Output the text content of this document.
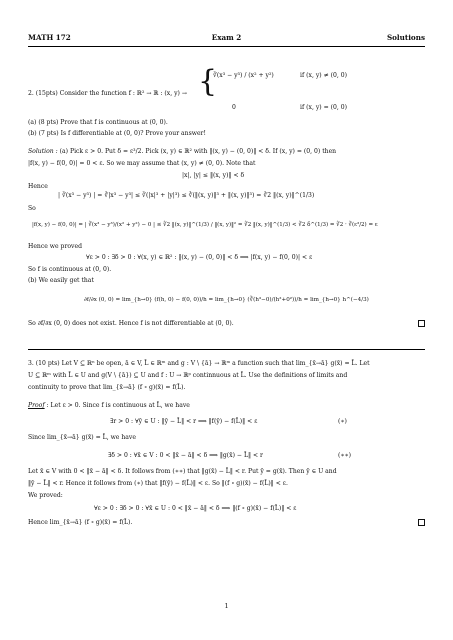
MATH 172	Exam 2	Solutions
2. (15pts) Consider the function f : ℝ² → ℝ : (x, y) → {
∛(x³ − y³) / (x² + y²)	if (x, y) ≠ (0, 0)
0	if (x, y) = (0, 0)
(a) (8 pts) Prove that f is continuous at (0, 0).
(b) (7 pts) Is f differentiable at (0, 0)? Prove your answer!
Solution : (a) Pick ε > 0. Put δ = ε³/2. Pick (x, y) ∈ ℝ² with ‖(x, y) − (0, 0)‖ < δ. If (x, y) = (0, 0) then
|f(x, y) − f(0, 0)| = 0 < ε. So we may assume that (x, y) ≠ (0, 0). Note that
|x|, |y| ≤ ‖(x, y)‖ < δ
Hence
| ∛(x³ − y³) | = ∛|x³ − y³| ≤ ∛(|x|³ + |y|³) ≤ ∛(‖(x, y)‖³ + ‖(x, y)‖³) = ∛2 ‖(x, y)‖^(1/3)
So
|f(x, y) − f(0, 0)| = | ∛(x³ − y³)/(x² + y²) − 0 | ≤ ∛2 ‖(x, y)‖^(1/3) / ‖(x, y)‖² = ∛2 ‖(x, y)‖^(1/3) < ∛2 δ^(1/3) = ∛2 · ∛(ε³/2) = ε
Hence we proved
∀ε > 0 : ∃δ > 0 : ∀(x, y) ∈ ℝ² : ‖(x, y) − (0, 0)‖ < δ ⟹ |f(x, y) − f(0, 0)| < ε
So f is continuous at (0, 0).
(b) We easily get that
∂f/∂x (0, 0) = lim_{h→0} (f(h, 0) − f(0, 0))/h = lim_{h→0} (∛(h³−0)/(h²+0²))/h = lim_{h→0} h^(−4/3)
So ∂f/∂x (0, 0) does not exist. Hence f is not differentiable at (0, 0).
3. (10 pts) Let V ⊆ ℝⁿ be open, ā ∈ V, L̄ ∈ ℝᵐ and g : V \ {ā} → ℝᵐ a function such that lim_{x̄→ā} g(x̄) = L̄. Let
U ⊆ ℝᵐ with L̄ ∈ U and g(V \ {ā}) ⊆ U and f : U → ℝᵖ continnuous at L̄. Use the definitions of limits and
continuity to prove that lim_{x̄→ā} (f ∘ g)(x̄) = f(L̄).
Proof : Let ε > 0. Since f is continuous at L̄, we have
∃r > 0 : ∀ȳ ∈ U : ‖ȳ − L̄‖ < r ⟹ ‖f(ȳ) − f(L̄)‖ < ε	(∗)
Since lim_{x̄→ā} g(x̄) = L̄, we have
∃δ > 0 : ∀x̄ ∈ V : 0 < ‖x̄ − ā‖ < δ ⟹ ‖g(x̄) − L̄‖ < r	(∗∗)
Let x̄ ∈ V with 0 < ‖x̄ − ā‖ < δ. It follows from (∗∗) that ‖g(x̄) − L̄‖ < r. Put ȳ = g(x̄). Then ȳ ∈ U and
‖ȳ − L̄‖ < r. Hence it follows from (∗) that ‖f(ȳ) − f(L̄)‖ < ε. So ‖(f ∘ g)(x̄) − f(L̄)‖ < ε.
We proved:
∀ε > 0 : ∃δ > 0 : ∀x̄ ∈ U : 0 < ‖x̄ − ā‖ < δ ⟹ ‖(f ∘ g)(x̄) − f(L̄)‖ < ε
Hence lim_{x̄→ā} (f ∘ g)(x̄) = f(L̄).
1
